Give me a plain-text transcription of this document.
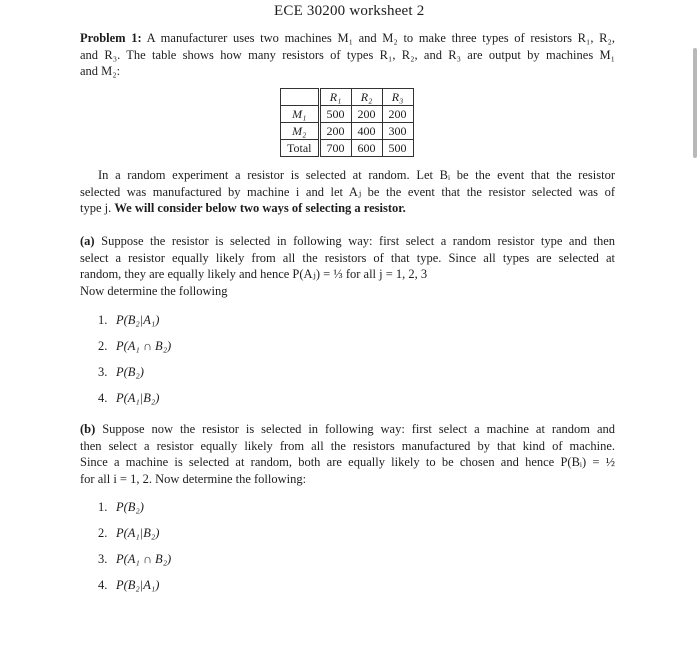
ECE 30200 worksheet 2
Problem 1: A manufacturer uses two machines M₁ and M₂ to make three types of resistors R₁, R₂,
and R₃. The table shows how many resistors of types R₁, R₂, and R₃ are output by machines M₁
and M₂:
	R₁	R₂	R₃
M₁	500	200	200
M₂	200	400	300
Total	700	600	500
In a random experiment a resistor is selected at random. Let Bᵢ be the event that the resistor
selected was manufactured by machine i and let Aⱼ be the event that the resistor selected was of
type j. We will consider below two ways of selecting a resistor.
(a) Suppose the resistor is selected in following way: first select a random resistor type and then
select a resistor equally likely from all the resistors of that type. Since all types are selected at
random, they are equally likely and hence P(Aⱼ) = ⅓ for all j = 1, 2, 3
Now determine the following
1. P(B₂|A₁)
2. P(A₁ ∩ B₂)
3. P(B₂)
4. P(A₁|B₂)
(b) Suppose now the resistor is selected in following way: first select a machine at random and
then select a resistor equally likely from all the resistors manufactured by that kind of machine.
Since a machine is selected at random, both are equally likely to be chosen and hence P(Bᵢ) = ½
for all i = 1, 2. Now determine the following:
1. P(B₂)
2. P(A₁|B₂)
3. P(A₁ ∩ B₂)
4. P(B₂|A₁)
